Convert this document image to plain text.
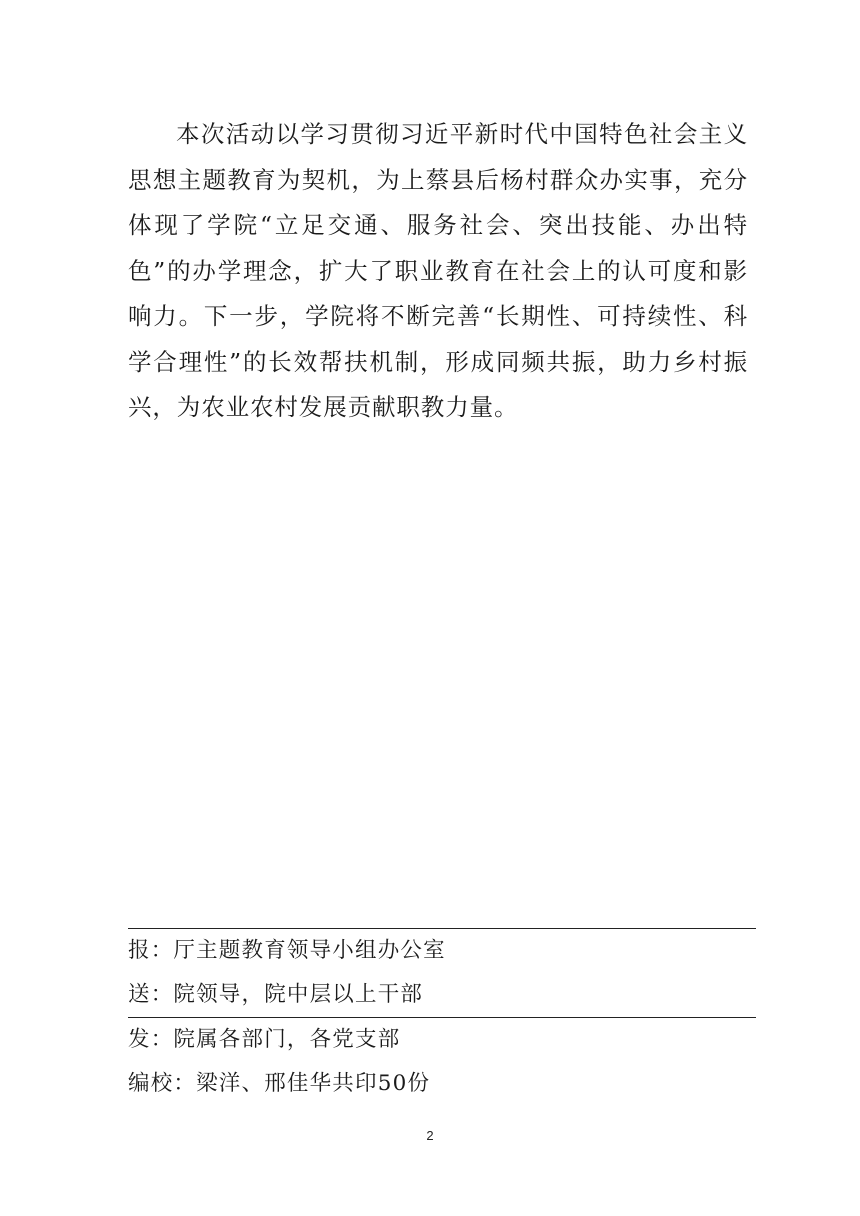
本次活动以学习贯彻习近平新时代中国特色社会主义思想主题教育为契机，为上蔡县后杨村群众办实事，充分体现了学院“立足交通、服务社会、突出技能、办出特色”的办学理念，扩大了职业教育在社会上的认可度和影响力。下一步，学院将不断完善“长期性、可持续性、科学合理性”的长效帮扶机制，形成同频共振，助力乡村振兴，为农业农村发展贡献职教力量。

报：厅主题教育领导小组办公室
送：院领导，院中层以上干部
发：院属各部门，各党支部
编校：梁洋、邢佳华共印50份
2
